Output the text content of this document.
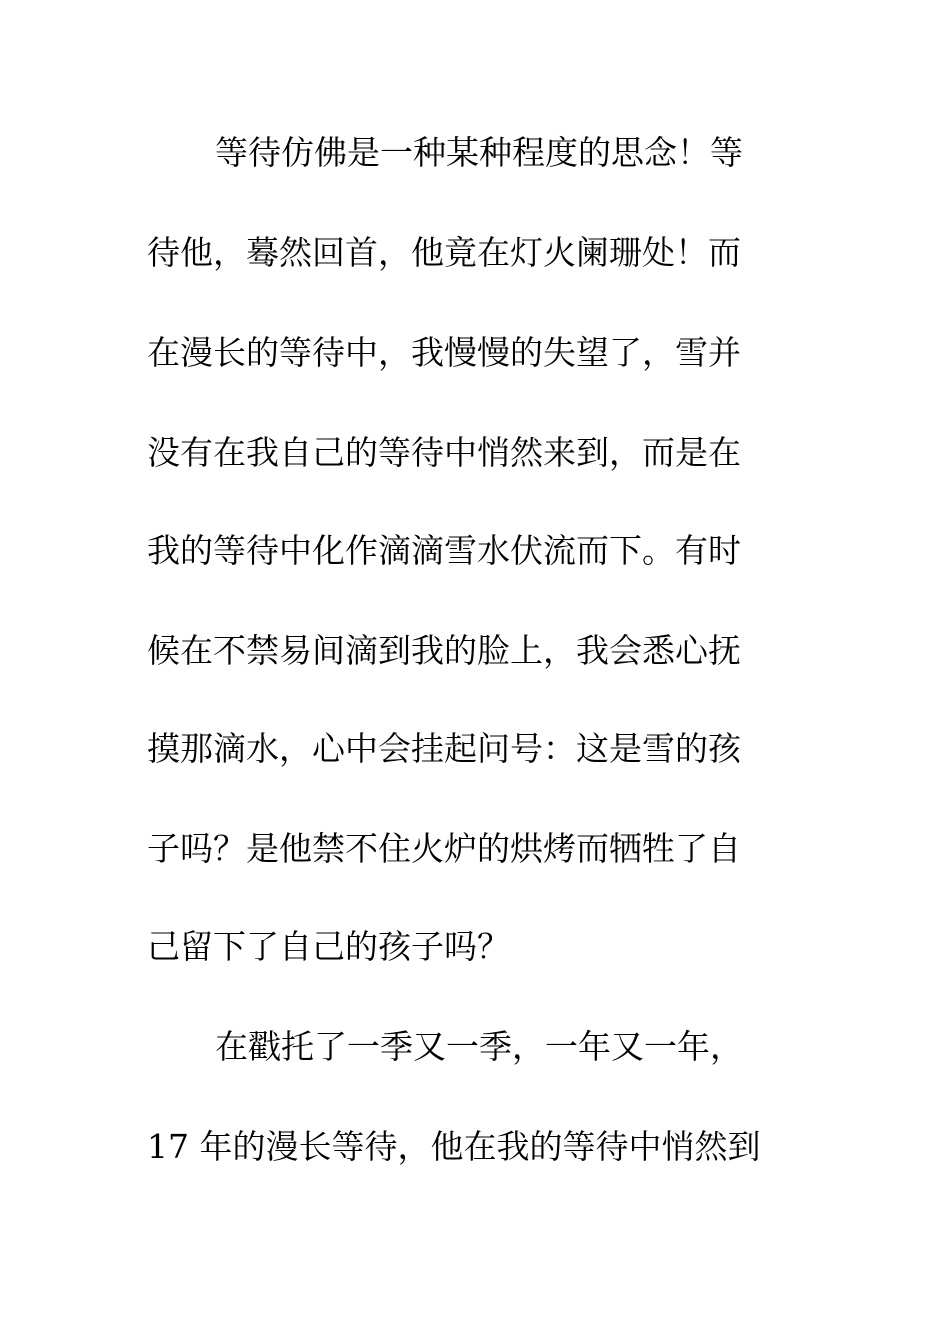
等待仿佛是一种某种程度的思念！等
待他，蓦然回首，他竟在灯火阑珊处！而
在漫长的等待中，我慢慢的失望了，雪并
没有在我自己的等待中悄然来到，而是在
我的等待中化作滴滴雪水伏流而下。有时
候在不禁易间滴到我的脸上，我会悉心抚
摸那滴水，心中会挂起问号：这是雪的孩
子吗？是他禁不住火炉的烘烤而牺牲了自
己留下了自己的孩子吗？
在戳托了一季又一季，一年又一年，
17 年的漫长等待，他在我的等待中悄然到
